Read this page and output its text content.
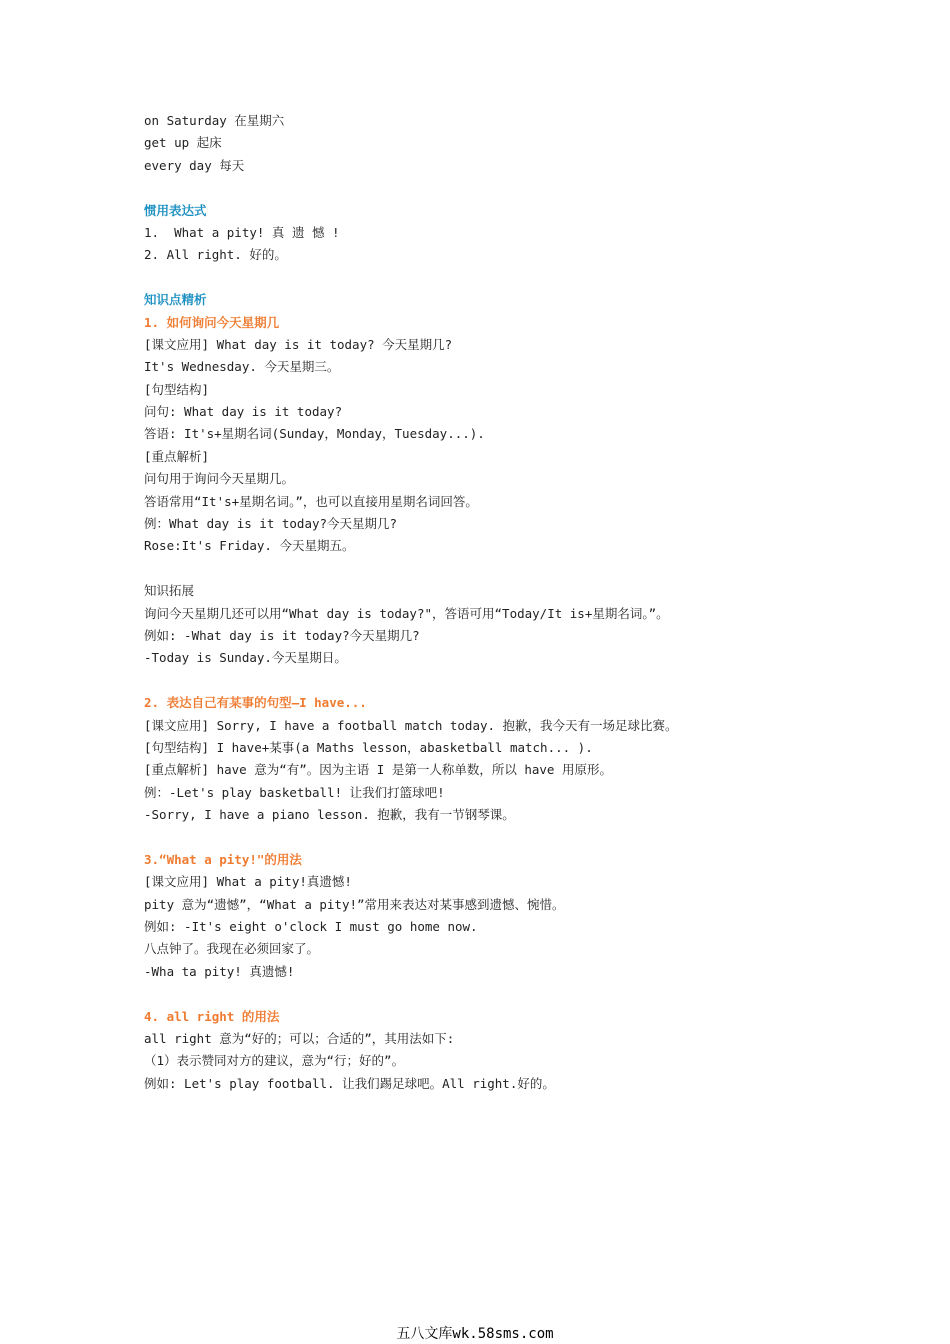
on Saturday 在星期六
get up 起床
every day 每天
惯用表达式
1.  What a pity! 真 遗 憾 !
2. All right. 好的。
知识点精析
1. 如何询问今天星期几
[课文应用] What day is it today? 今天星期几?
It's Wednesday. 今天星期三。
[句型结构]
问句: What day is it today?
答语: It's+星期名词(Sunday，Monday，Tuesday...).
[重点解析]
问句用于询问今天星期几。
答语常用“It's+星期名词。”，也可以直接用星期名词回答。
例：What day is it today?今天星期几?
Rose:It's Friday. 今天星期五。
知识拓展
询问今天星期几还可以用“What day is today?"，答语可用“Today/It is+星期名词。”。
例如: -What day is it today?今天星期几?
-Today is Sunday.今天星期日。
2. 表达自己有某事的句型—I have...
[课文应用] Sorry, I have a football match today. 抱歉，我今天有一场足球比赛。
[句型结构] I have+某事(a Maths lesson，abasketball match... ).
[重点解析] have 意为“有”。因为主语 I 是第一人称单数，所以 have 用原形。
例：-Let's play basketball! 让我们打篮球吧!
-Sorry, I have a piano lesson. 抱歉，我有一节钢琴课。
3.“What a pity!"的用法
[课文应用] What a pity!真遗憾!
pity 意为“遗憾”，“What a pity!”常用来表达对某事感到遗憾、惋惜。
例如: -It's eight o'clock I must go home now.
八点钟了。我现在必须回家了。
-Wha ta pity! 真遗憾!
4. all right 的用法
all right 意为“好的；可以；合适的”，其用法如下:
（1）表示赞同对方的建议，意为“行；好的”。
例如: Let's play football. 让我们踢足球吧。All right.好的。
五八文库wk.58sms.com
